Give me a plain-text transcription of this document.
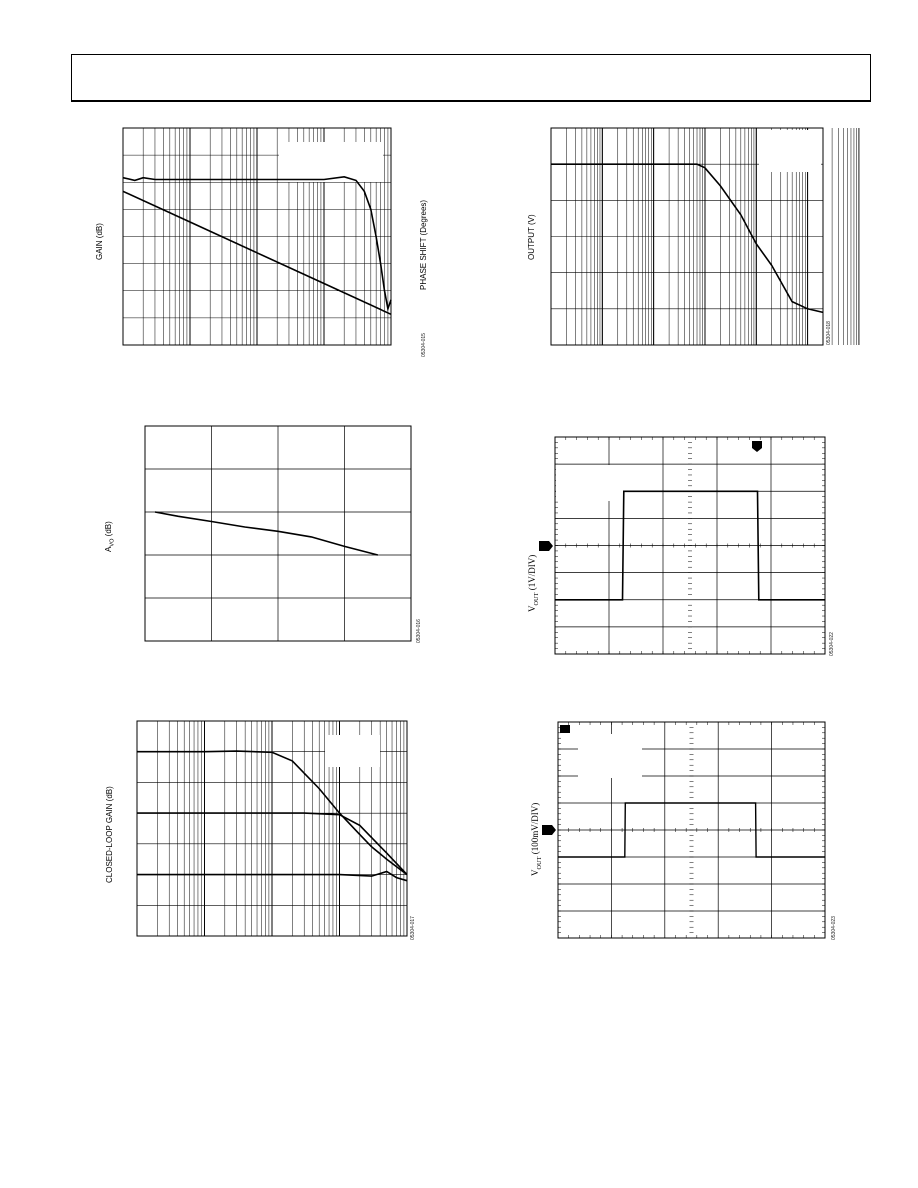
GAIN (dB)	PHASE SHIFT (Degrees)
05304-015
OUTPUT (V)
05304-018
$A_{VO}$ (dB)
05304-016
$V_{OUT}$ (1V/DIV)
05304-022
CLOSED-LOOP GAIN (dB)
05304-017
$V_{OUT}$ (100mV/DIV)
05304-023
